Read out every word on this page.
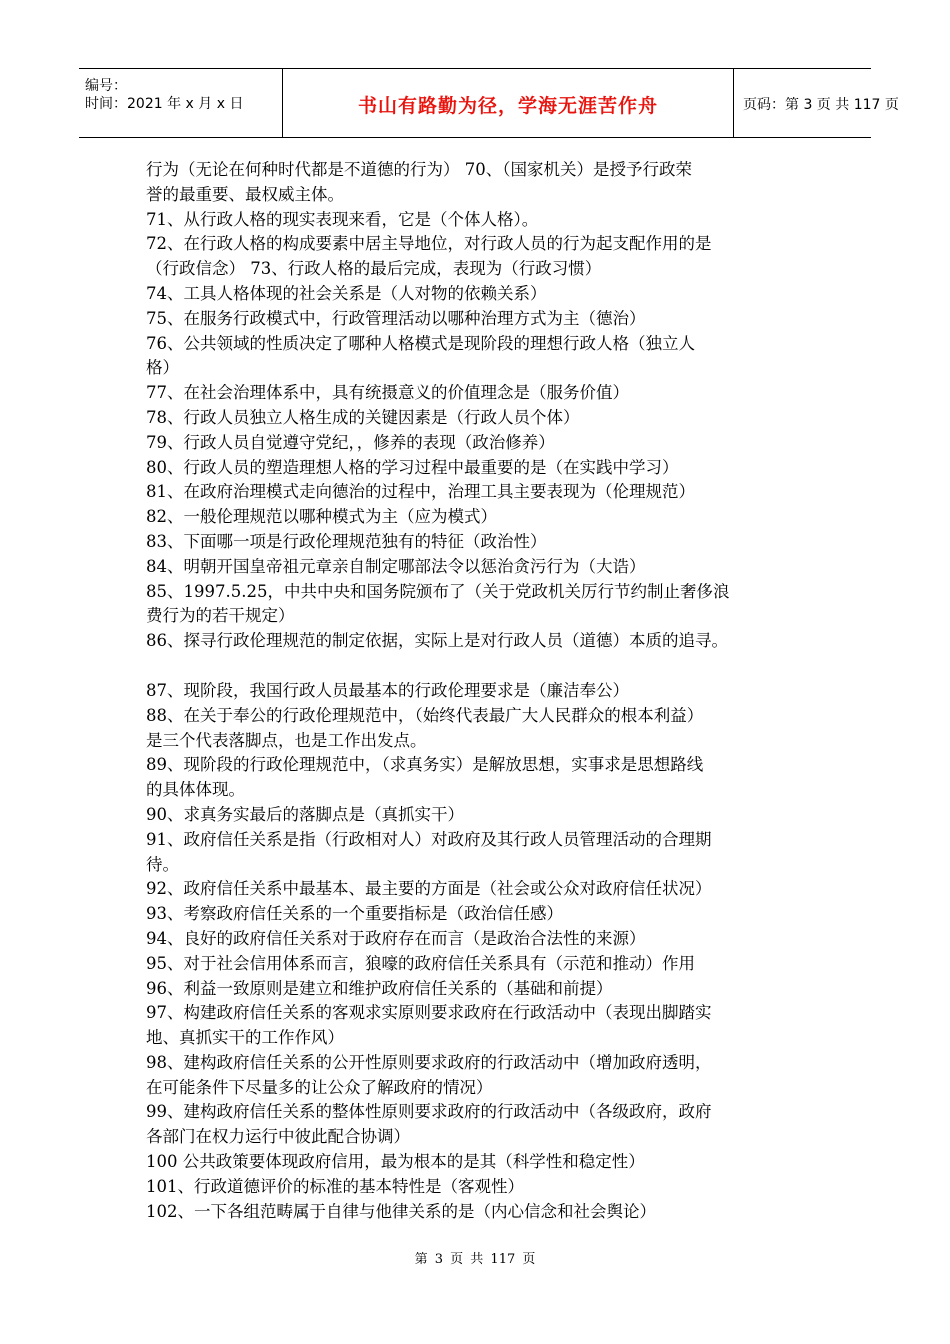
编号：
时间：2021 年 x 月 x 日	书山有路勤为径，学海无涯苦作舟	页码：第 3 页 共 117 页
行为（无论在何种时代都是不道德的行为） 70、（国家机关）是授予行政荣
誉的最重要、最权威主体。
71、从行政人格的现实表现来看，它是（个体人格）。
72、在行政人格的构成要素中居主导地位，对行政人员的行为起支配作用的是
（行政信念） 73、行政人格的最后完成，表现为（行政习惯）
74、工具人格体现的社会关系是（人对物的依赖关系）
75、在服务行政模式中，行政管理活动以哪种治理方式为主（德治）
76、公共领域的性质决定了哪种人格模式是现阶段的理想行政人格（独立人
格）
77、在社会治理体系中，具有统摄意义的价值理念是（服务价值）
78、行政人员独立人格生成的关键因素是（行政人员个体）
79、行政人员自觉遵守党纪，，修养的表现（政治修养）
80、行政人员的塑造理想人格的学习过程中最重要的是（在实践中学习）
81、在政府治理模式走向德治的过程中，治理工具主要表现为（伦理规范）
82、一般伦理规范以哪种模式为主（应为模式）
83、下面哪一项是行政伦理规范独有的特征（政治性）
84、明朝开国皇帝祖元章亲自制定哪部法令以惩治贪污行为（大诰）
85、1997.5.25，中共中央和国务院颁布了（关于党政机关厉行节约制止奢侈浪
费行为的若干规定）
86、探寻行政伦理规范的制定依据，实际上是对行政人员（道德）本质的追寻。
87、现阶段，我国行政人员最基本的行政伦理要求是（廉洁奉公）
88、在关于奉公的行政伦理规范中，（始终代表最广大人民群众的根本利益）
是三个代表落脚点，也是工作出发点。
89、现阶段的行政伦理规范中，（求真务实）是解放思想，实事求是思想路线
的具体体现。
90、求真务实最后的落脚点是（真抓实干）
91、政府信任关系是指（行政相对人）对政府及其行政人员管理活动的合理期
待。
92、政府信任关系中最基本、最主要的方面是（社会或公众对政府信任状况）
93、考察政府信任关系的一个重要指标是（政治信任感）
94、良好的政府信任关系对于政府存在而言（是政治合法性的来源）
95、对于社会信用体系而言，狼嚎的政府信任关系具有（示范和推动）作用
96、利益一致原则是建立和维护政府信任关系的（基础和前提）
97、构建政府信任关系的客观求实原则要求政府在行政活动中（表现出脚踏实
地、真抓实干的工作作风）
98、建构政府信任关系的公开性原则要求政府的行政活动中（增加政府透明，
在可能条件下尽量多的让公众了解政府的情况）
99、建构政府信任关系的整体性原则要求政府的行政活动中（各级政府，政府
各部门在权力运行中彼此配合协调）
100 公共政策要体现政府信用，最为根本的是其（科学性和稳定性）
101、行政道德评价的标准的基本特性是（客观性）
102、一下各组范畴属于自律与他律关系的是（内心信念和社会舆论）
第 3 页 共 117 页
